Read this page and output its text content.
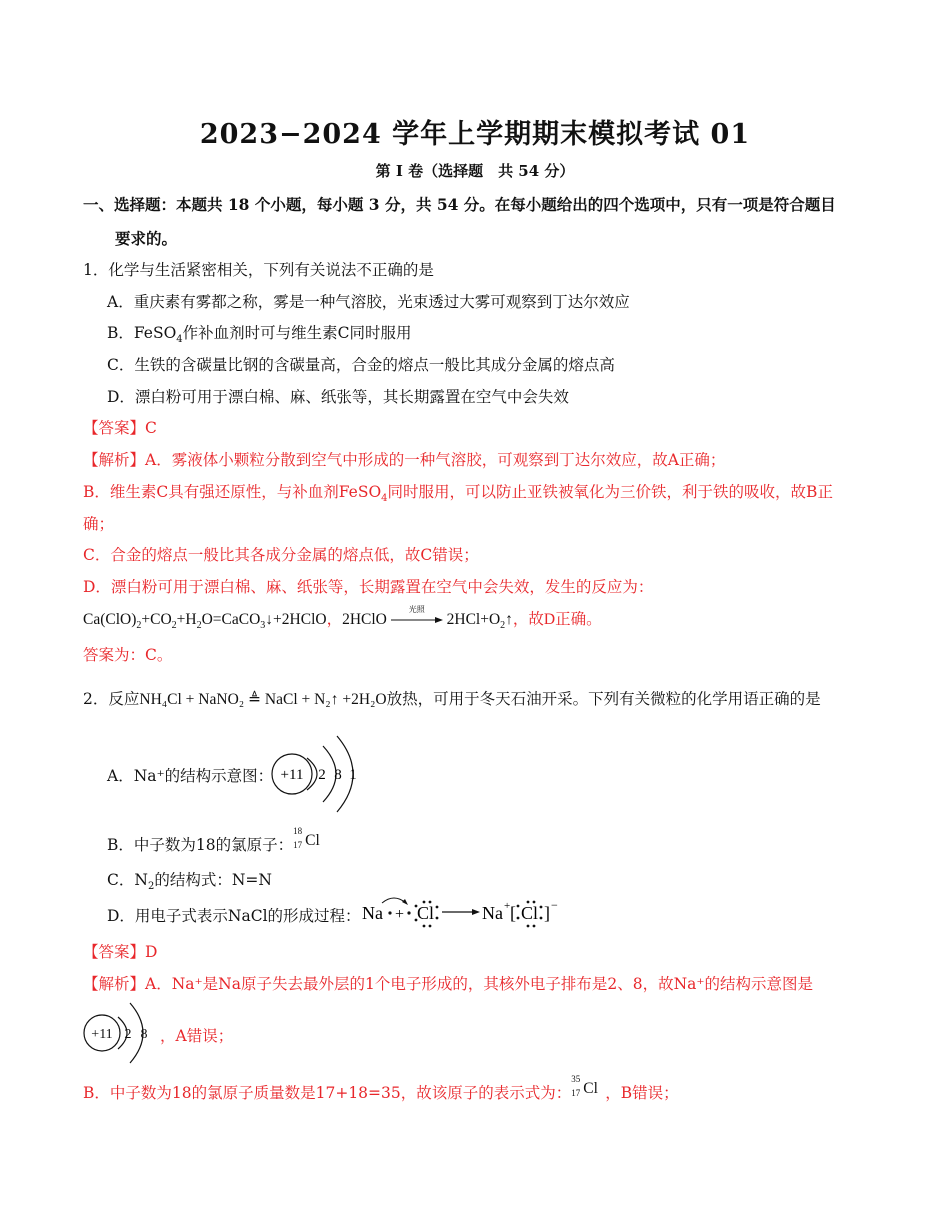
2023−2024 学年上学期期末模拟考试 01
第 I 卷（选择题　共 54 分）
一、选择题：本题共 18 个小题，每小题 3 分，共 54 分。在每小题给出的四个选项中，只有一项是符合题目
要求的。
1．化学与生活紧密相关，下列有关说法不正确的是
A．重庆素有雾都之称，雾是一种气溶胶，光束透过大雾可观察到丁达尔效应
B．FeSO$_4$作补血剂时可与维生素C同时服用
C．生铁的含碳量比钢的含碳量高，合金的熔点一般比其成分金属的熔点高
D．漂白粉可用于漂白棉、麻、纸张等，其长期露置在空气中会失效
【答案】C
【解析】A．雾液体小颗粒分散到空气中形成的一种气溶胶，可观察到丁达尔效应，故A正确；
B．维生素C具有强还原性，与补血剂FeSO$_4$同时服用，可以防止亚铁被氧化为三价铁，利于铁的吸收，故B正
确；
C．合金的熔点一般比其各成分金属的熔点低，故C错误；
D．漂白粉可用于漂白棉、麻、纸张等，长期露置在空气中会失效，发生的反应为：
$Ca(ClO)_2+CO_2+H_2O=CaCO_3↓+2HClO$，2HClO
光照
$2HCl+O_2↑$，故D正确。
答案为：C。
2．反应NH₄Cl + NaNO₂ ≜ NaCl + N₂↑ +2H₂O放热，可用于冬天石油开采。下列有关微粒的化学用语正确的是
A．Na⁺的结构示意图： +11 2 8 1
B．中子数为18的氯原子：
18
17 Cl
C．$N_2$的结构式：N=N
D．用电子式表示NaCl的形成过程： Na + Cl	Na + [ Cl ] −
【答案】D
【解析】A．Na⁺是Na原子失去最外层的1个电子形成的，其核外电子排布是2、8，故Na⁺的结构示意图是
+11 2 8 ，A错误；
B．中子数为18的氯原子质量数是17+18=35，故该原子的表示式为：
35
17 Cl ，B错误；
